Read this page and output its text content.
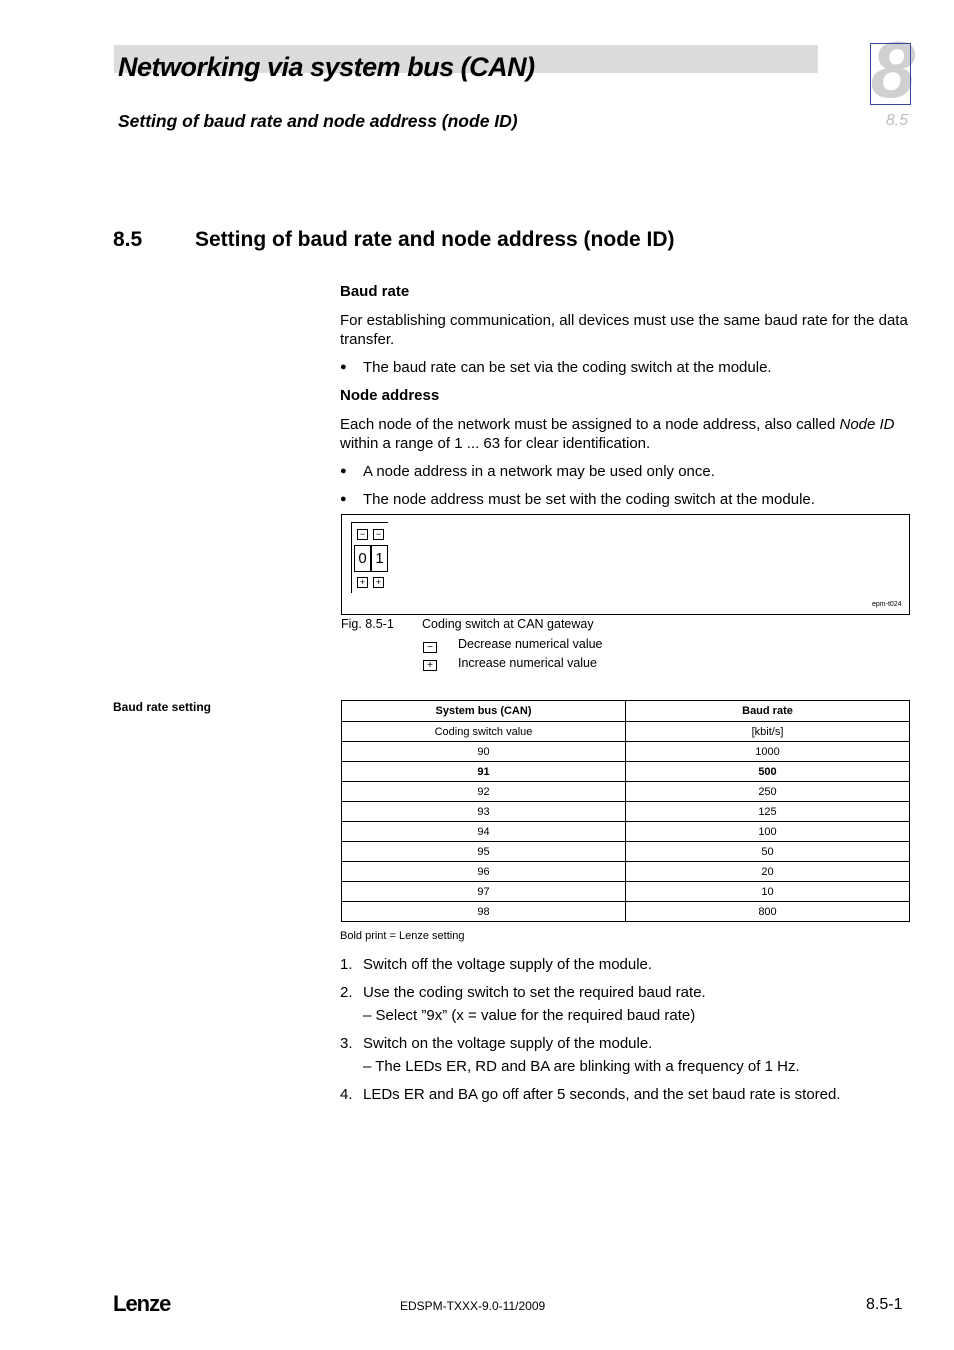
Networking via system bus (CAN)
Setting of baud rate and node address (node ID)
8
8.5
8.5	Setting of baud rate and node address (node ID)
Baud rate

For establishing communication, all devices must use the same baud rate for the data transfer.

● The baud rate can be set via the coding switch at the module.
Node address

Each node of the network must be assigned to a node address, also called Node ID within a range of 1 ... 63 for clear identification.

● A node address in a network may be used only once.
● The node address must be set with the coding switch at the module.
−	−
0 1
+	+
epm-t024
Fig. 8.5-1 Coding switch at CAN gateway
−	Decrease numerical value
+	Increase numerical value
Baud rate setting	System bus (CAN)	Baud rate
Coding switch value	[kbit/s]
90	1000
91	500
92	250
93	125
94	100
95	50
96	20
97	10
98	800
Bold print = Lenze setting
1. Switch off the voltage supply of the module.
2. Use the coding switch to set the required baud rate.
– Select ”9x” (x = value for the required baud rate)
3. Switch on the voltage supply of the module.
– The LEDs ER, RD and BA are blinking with a frequency of 1 Hz.
4. LEDs ER and BA go off after 5 seconds, and the set baud rate is stored.
Lenze	EDSPM-TXXX-9.0-11/2009	8.5-1
